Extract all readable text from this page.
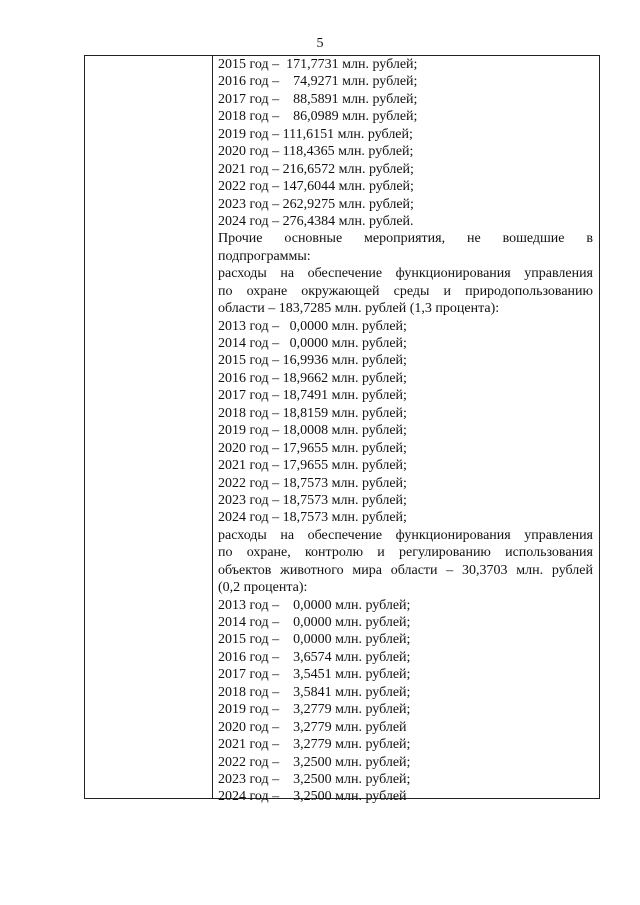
5
2015 год –  171,7731 млн. рублей;
2016 год –    74,9271 млн. рублей;
2017 год –    88,5891 млн. рублей;
2018 год –    86,0989 млн. рублей;
2019 год – 111,6151 млн. рублей;
2020 год – 118,4365 млн. рублей;
2021 год – 216,6572 млн. рублей;
2022 год – 147,6044 млн. рублей;
2023 год – 262,9275 млн. рублей;
2024 год – 276,4384 млн. рублей.
Прочие основные мероприятия, не вошедшие в
подпрограммы:
расходы на обеспечение функционирования управления
по охране окружающей среды и природопользованию
области – 183,7285 млн. рублей (1,3 процента):
2013 год –   0,0000 млн. рублей;
2014 год –   0,0000 млн. рублей;
2015 год – 16,9936 млн. рублей;
2016 год – 18,9662 млн. рублей;
2017 год – 18,7491 млн. рублей;
2018 год – 18,8159 млн. рублей;
2019 год – 18,0008 млн. рублей;
2020 год – 17,9655 млн. рублей;
2021 год – 17,9655 млн. рублей;
2022 год – 18,7573 млн. рублей;
2023 год – 18,7573 млн. рублей;
2024 год – 18,7573 млн. рублей;
расходы на обеспечение функционирования управления
по охране, контролю и регулированию использования
объектов животного мира области – 30,3703 млн. рублей
(0,2 процента):
2013 год –    0,0000 млн. рублей;
2014 год –    0,0000 млн. рублей;
2015 год –    0,0000 млн. рублей;
2016 год –    3,6574 млн. рублей;
2017 год –    3,5451 млн. рублей;
2018 год –    3,5841 млн. рублей;
2019 год –    3,2779 млн. рублей;
2020 год –    3,2779 млн. рублей
2021 год –    3,2779 млн. рублей;
2022 год –    3,2500 млн. рублей;
2023 год –    3,2500 млн. рублей;
2024 год –    3,2500 млн. рублей
